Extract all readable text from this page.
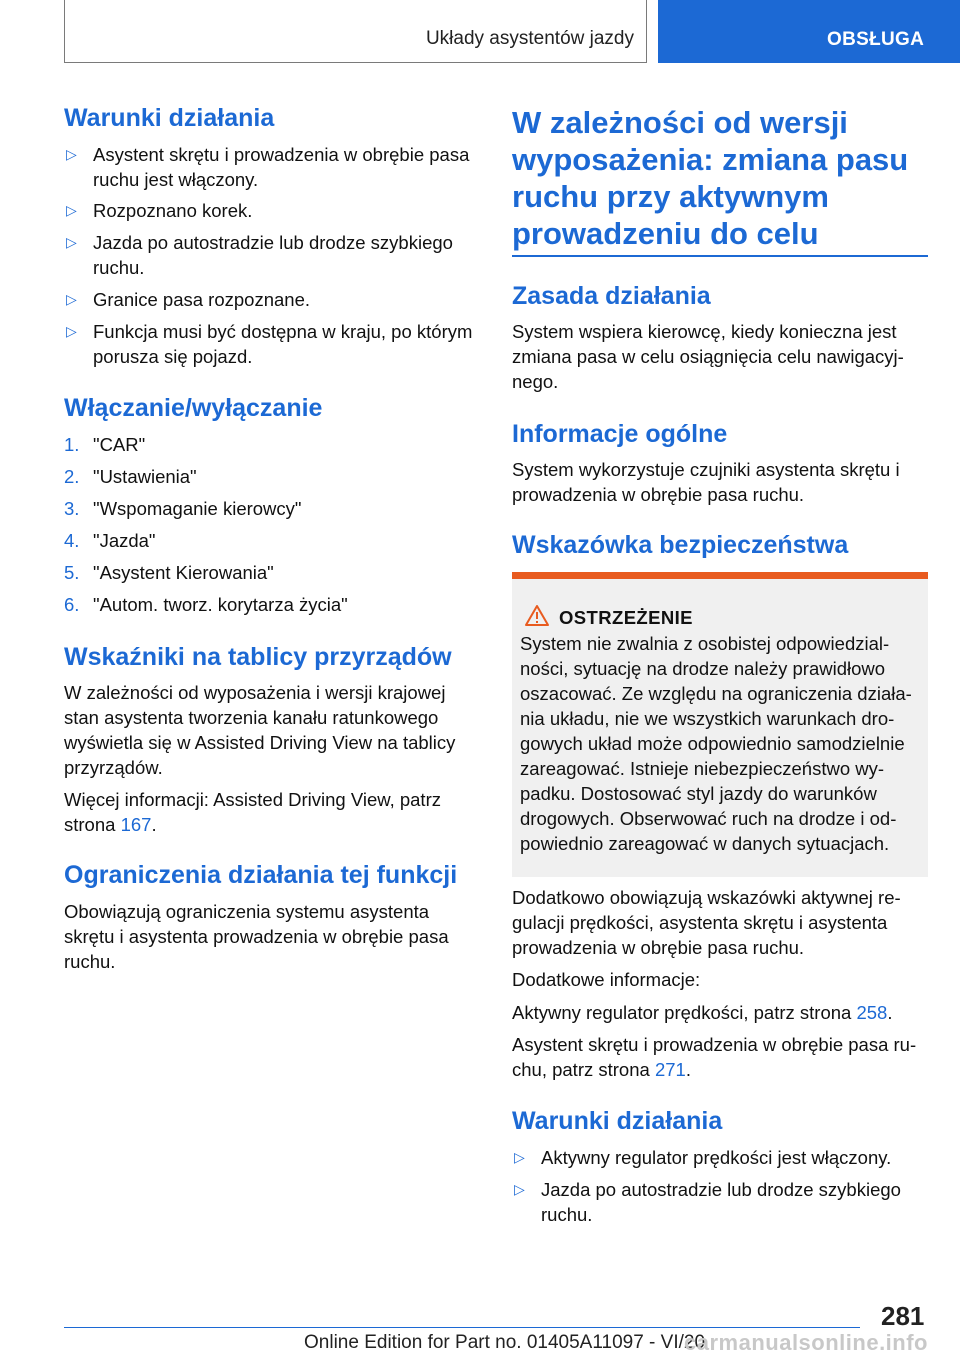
Układy asystentów jazdy	OBSŁUGA
Warunki działania
▷ Asystent skrętu i prowadzenia w obrębie pasa ruchu jest włączony.
▷ Rozpoznano korek.
▷ Jazda po autostradzie lub drodze szybkiego ruchu.
▷ Granice pasa rozpoznane.
▷ Funkcja musi być dostępna w kraju, po którym porusza się pojazd.
Włączanie/wyłączanie
1. "CAR"
2. "Ustawienia"
3. "Wspomaganie kierowcy"
4. "Jazda"
5. "Asystent Kierowania"
6. "Autom. tworz. korytarza życia"
Wskaźniki na tablicy przyrządów
W zależności od wyposażenia i wersji krajowej stan asystenta tworzenia kanału ratunkowego wyświetla się w Assisted Driving View na tablicy przyrządów.
Więcej informacji: Assisted Driving View, patrz strona 167.
Ograniczenia działania tej funkcji
Obowiązują ograniczenia systemu asystenta skrętu i asystenta prowadzenia w obrębie pasa ruchu.
W zależności od wersji wyposażenia: zmiana pasu ruchu przy aktywnym prowadzeniu do celu
Zasada działania
System wspiera kierowcę, kiedy konieczna jest zmiana pasa w celu osiągnięcia celu nawigacyjnego.
Informacje ogólne
System wykorzystuje czujniki asystenta skrętu i prowadzenia w obrębie pasa ruchu.
Wskazówka bezpieczeństwa
OSTRZEŻENIE
System nie zwalnia z osobistej odpowiedzialności, sytuację na drodze należy prawidłowo oszacować. Ze względu na ograniczenia działania układu, nie we wszystkich warunkach drogowych układ może odpowiednio samodzielnie zareagować. Istnieje niebezpieczeństwo wypadku. Dostosować styl jazdy do warunków drogowych. Obserwować ruch na drodze i odpowiednio zareagować w danych sytuacjach.
Dodatkowo obowiązują wskazówki aktywnej regulacji prędkości, asystenta skrętu i asystenta prowadzenia w obrębie pasa ruchu.
Dodatkowe informacje:
Aktywny regulator prędkości, patrz strona 258.
Asystent skrętu i prowadzenia w obrębie pasa ruchu, patrz strona 271.
Warunki działania
▷ Aktywny regulator prędkości jest włączony.
▷ Jazda po autostradzie lub drodze szybkiego ruchu.
281
Online Edition for Part no. 01405A11097 - VI/20
carmanualsonline.info
